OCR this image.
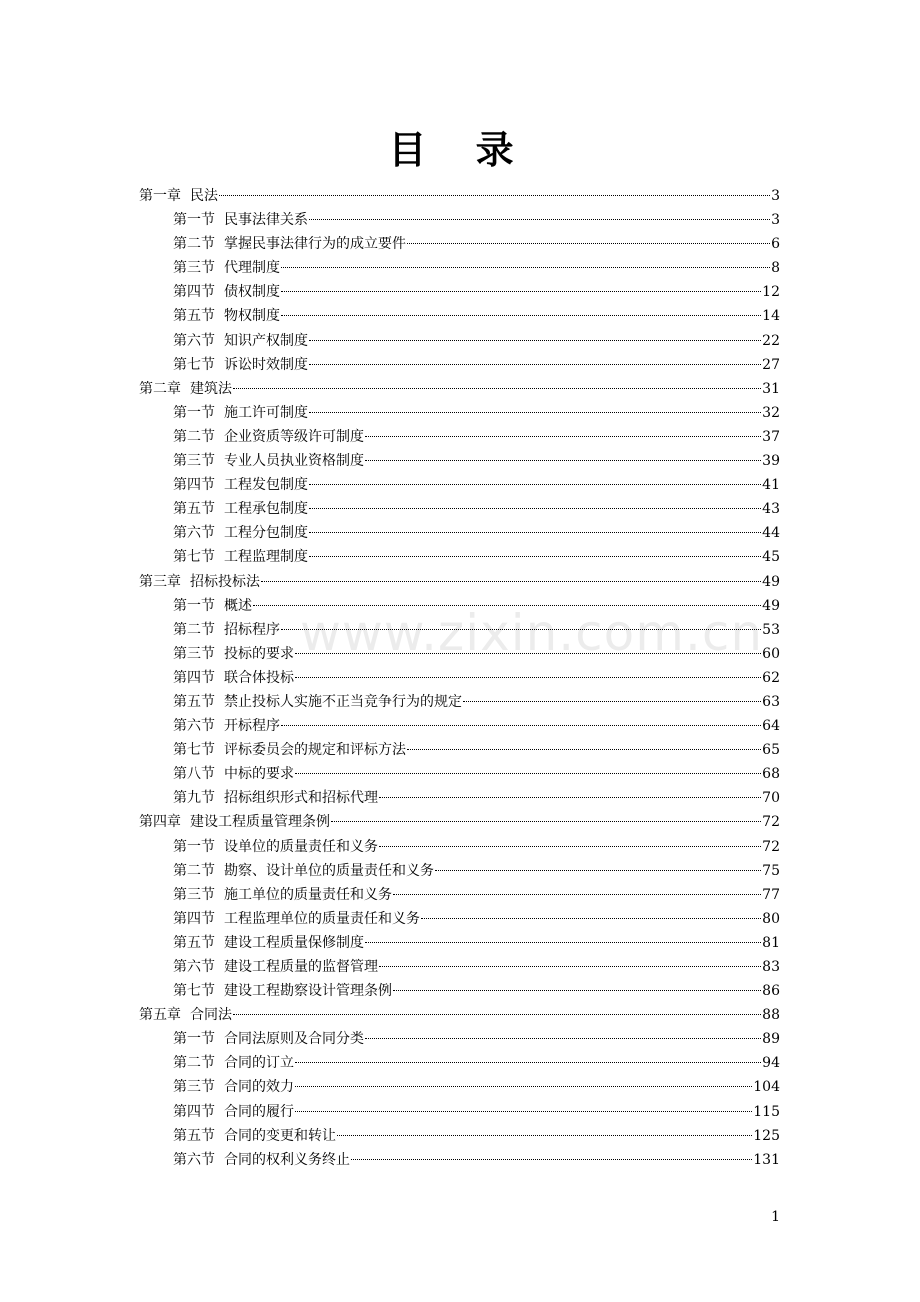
目 录
www.zixin.com.cn
第一章 民法	3
第一节 民事法律关系	3
第二节 掌握民事法律行为的成立要件	6
第三节 代理制度	8
第四节 债权制度	12
第五节 物权制度	14
第六节 知识产权制度	22
第七节 诉讼时效制度	27
第二章 建筑法	31
第一节 施工许可制度	32
第二节 企业资质等级许可制度	37
第三节 专业人员执业资格制度	39
第四节 工程发包制度	41
第五节 工程承包制度	43
第六节 工程分包制度	44
第七节 工程监理制度	45
第三章 招标投标法	49
第一节 概述	49
第二节 招标程序	53
第三节 投标的要求	60
第四节 联合体投标	62
第五节 禁止投标人实施不正当竞争行为的规定	63
第六节 开标程序	64
第七节 评标委员会的规定和评标方法	65
第八节 中标的要求	68
第九节 招标组织形式和招标代理	70
第四章 建设工程质量管理条例	72
第一节 设单位的质量责任和义务	72
第二节 勘察、设计单位的质量责任和义务	75
第三节 施工单位的质量责任和义务	77
第四节 工程监理单位的质量责任和义务	80
第五节 建设工程质量保修制度	81
第六节 建设工程质量的监督管理	83
第七节 建设工程勘察设计管理条例	86
第五章 合同法	88
第一节 合同法原则及合同分类	89
第二节 合同的订立	94
第三节 合同的效力	104
第四节 合同的履行	115
第五节 合同的变更和转让	125
第六节 合同的权利义务终止	131
1
